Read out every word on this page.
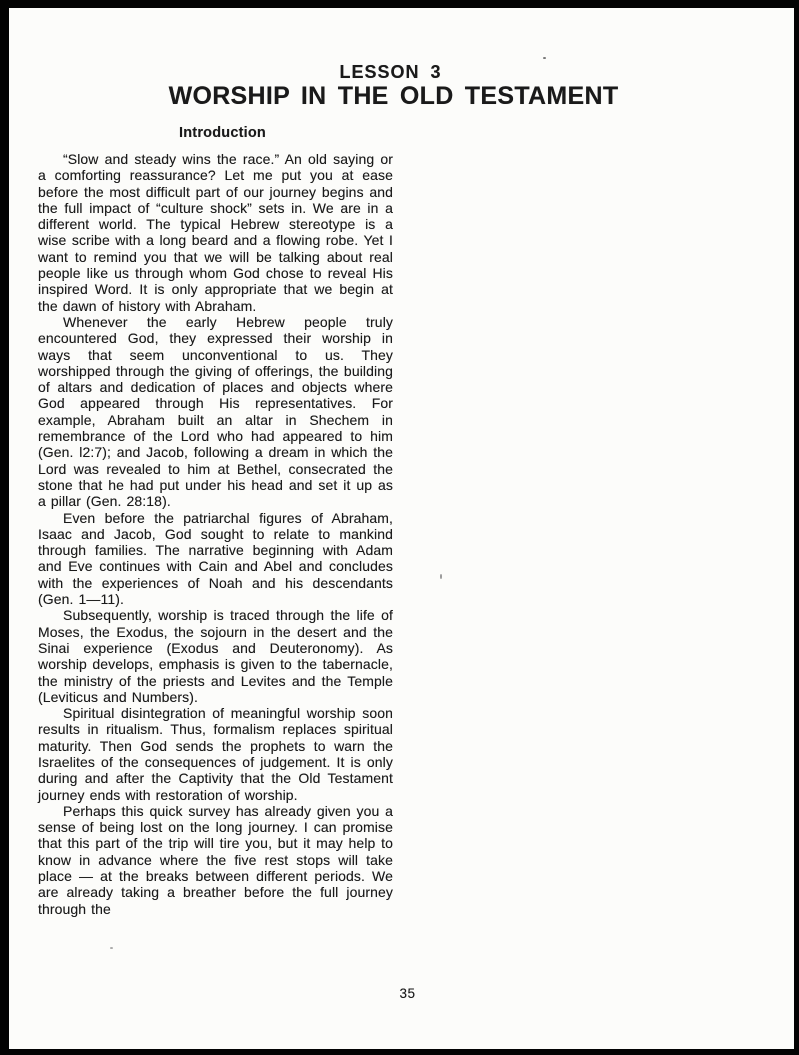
LESSON 3
WORSHIP IN THE OLD TESTAMENT
Introduction

“Slow and steady wins the race.” An old saying or a comforting reassurance? Let me put you at ease before the most difficult part of our journey begins and the full impact of “culture shock” sets in. We are in a different world. The typical Hebrew stereotype is a wise scribe with a long beard and a flowing robe. Yet I want to remind you that we will be talking about real people like us through whom God chose to reveal His inspired Word. It is only appropriate that we begin at the dawn of history with Abraham.

Whenever the early Hebrew people truly encountered God, they expressed their worship in ways that seem unconventional to us. They worshipped through the giving of offerings, the building of altars and dedication of places and objects where God appeared through His representatives. For example, Abraham built an altar in Shechem in remembrance of the Lord who had appeared to him (Gen. l2:7); and Jacob, following a dream in which the Lord was revealed to him at Bethel, consecrated the stone that he had put under his head and set it up as a pillar (Gen. 28:18).

Even before the patriarchal figures of Abraham, Isaac and Jacob, God sought to relate to mankind through families. The narrative beginning with Adam and Eve continues with Cain and Abel and concludes with the experiences of Noah and his descendants (Gen. 1—11).

Subsequently, worship is traced through the life of Moses, the Exodus, the sojourn in the desert and the Sinai experience (Exodus and Deuteronomy). As worship develops, emphasis is given to the tabernacle, the ministry of the priests and Levites and the Temple (Leviticus and Numbers).

Spiritual disintegration of meaningful worship soon results in ritualism. Thus, formalism replaces spiritual maturity. Then God sends the prophets to warn the Israelites of the consequences of judgement. It is only during and after the Captivity that the Old Testament journey ends with restoration of worship.

Perhaps this quick survey has already given you a sense of being lost on the long journey. I can promise that this part of the trip will tire you, but it may help to know in advance where the five rest stops will take place — at the breaks between different periods. We are already taking a breather before the full journey through the

35
